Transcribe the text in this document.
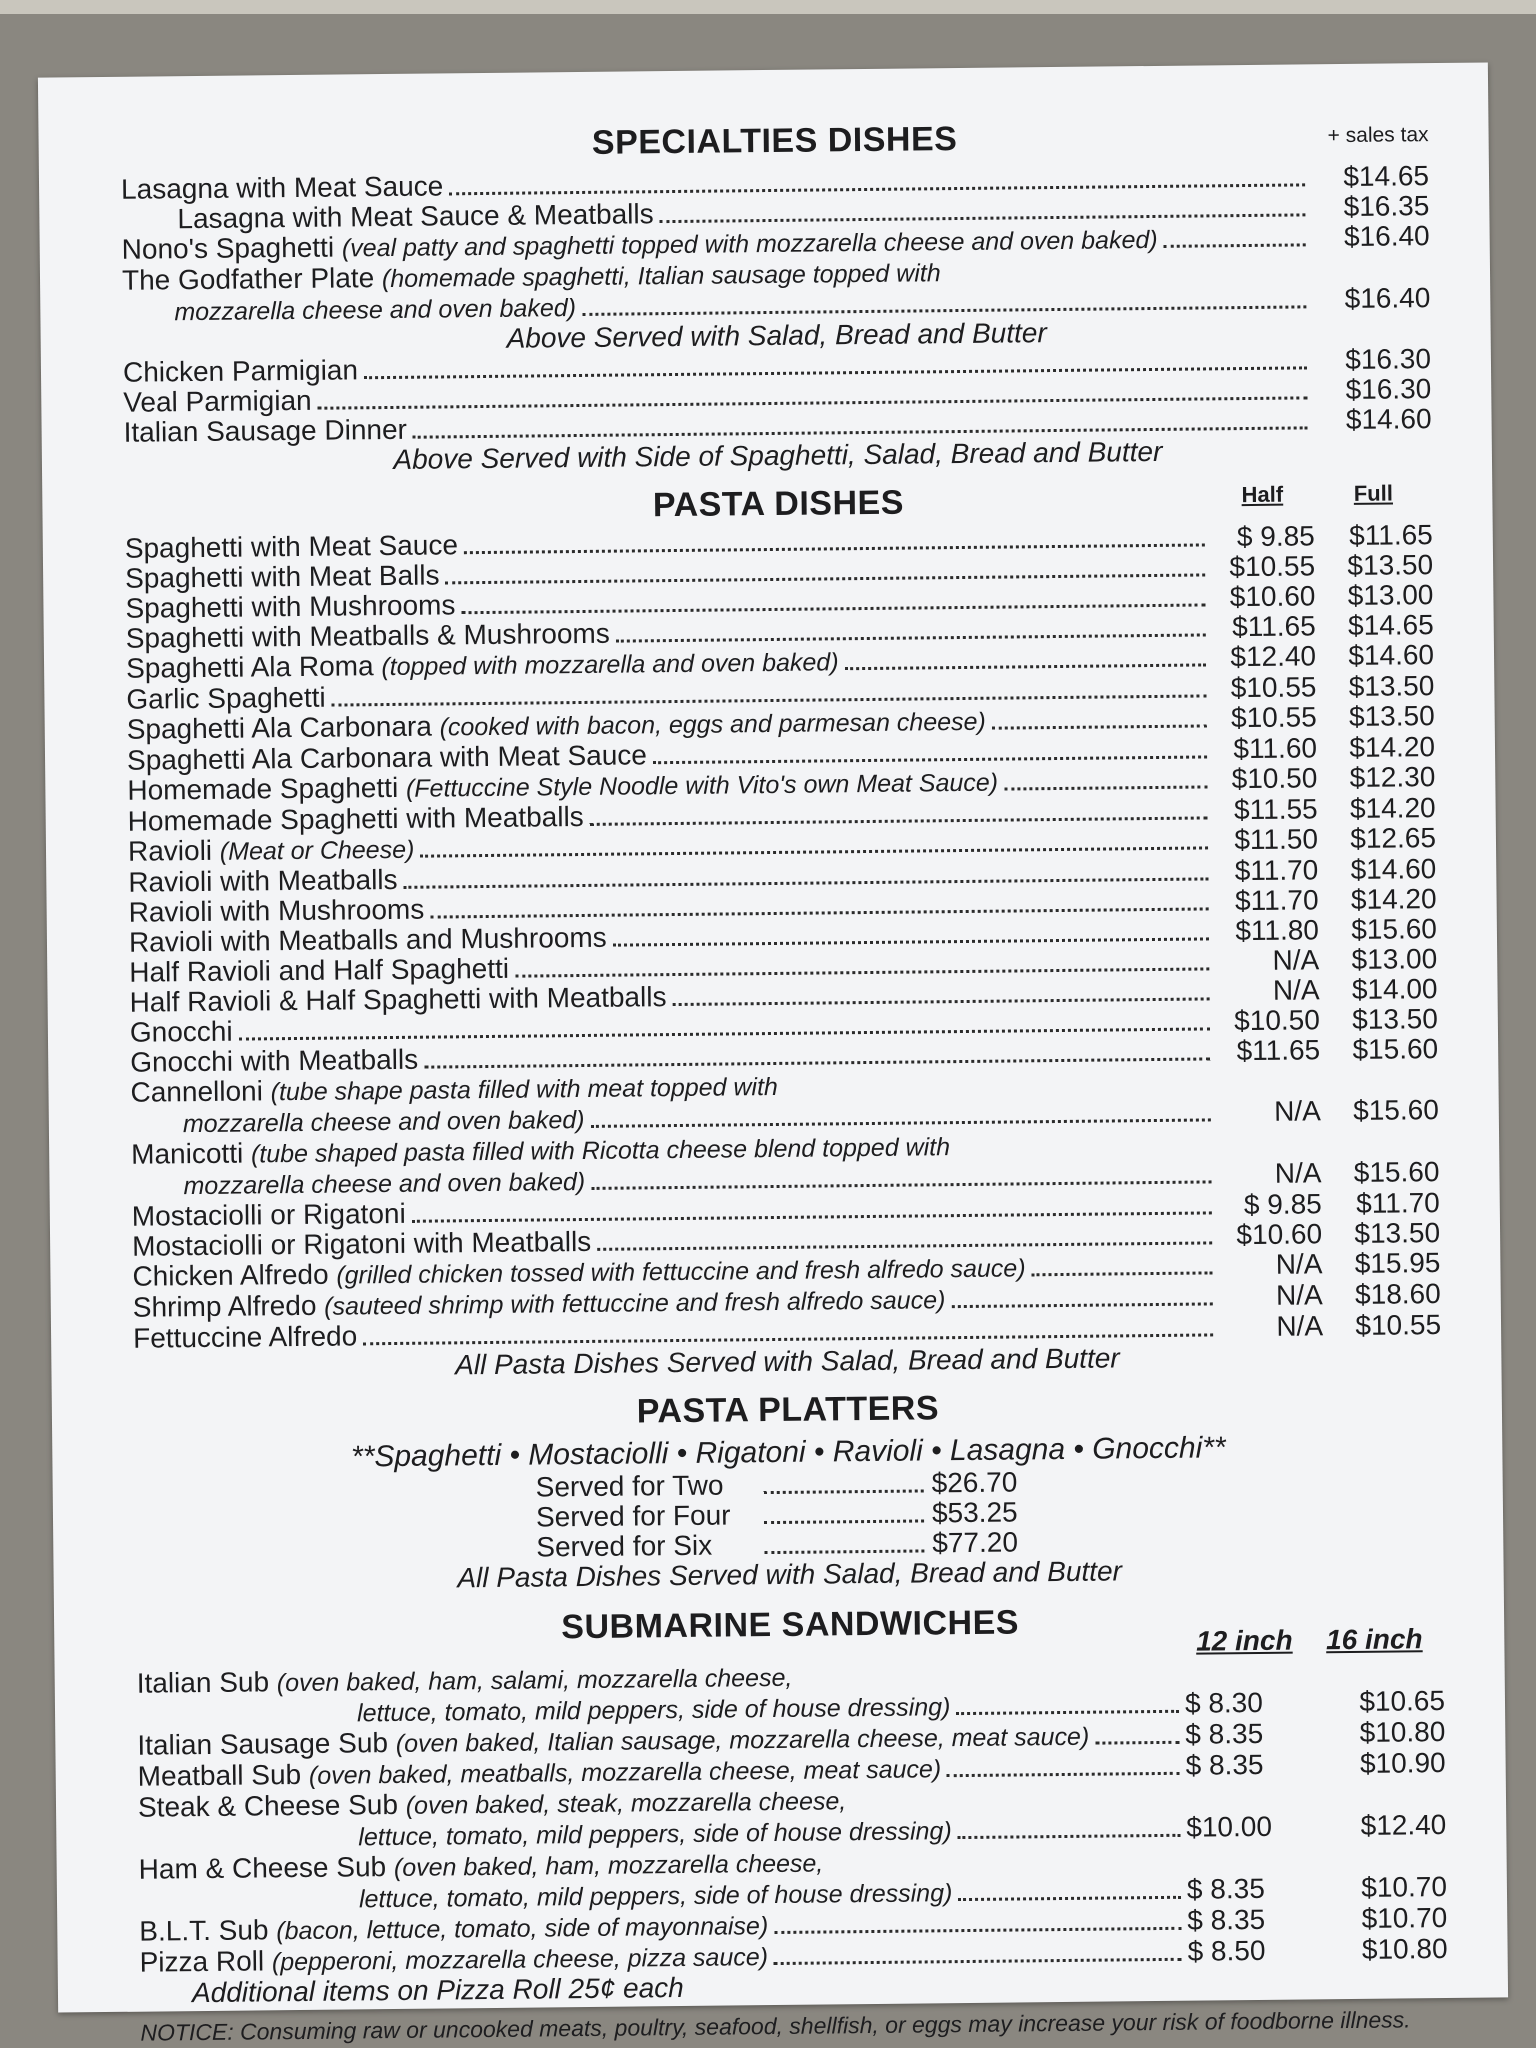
SPECIALTIES DISHES	+ sales tax
Lasagna with Meat Sauce	$14.65
Lasagna with Meat Sauce & Meatballs	$16.35
Nono's Spaghetti
(veal patty and spaghetti topped with mozzarella cheese and oven baked)	$16.40
The Godfather Plate
(homemade spaghetti, Italian sausage topped with
mozzarella cheese and oven baked)	$16.40
Above Served with Salad, Bread and Butter
Chicken Parmigian	$16.30
Veal Parmigian	$16.30
Italian Sausage Dinner	$14.60
Above Served with Side of Spaghetti, Salad, Bread and Butter
PASTA DISHES	Half	Full
Spaghetti with Meat Sauce	$ 9.85	$11.65
Spaghetti with Meat Balls	$10.55	$13.50
Spaghetti with Mushrooms	$10.60	$13.00
Spaghetti with Meatballs & Mushrooms	$11.65	$14.65
Spaghetti Ala Roma
(topped with mozzarella and oven baked)	$12.40	$14.60
Garlic Spaghetti	$10.55	$13.50
Spaghetti Ala Carbonara
(cooked with bacon, eggs and parmesan cheese)	$10.55	$13.50
Spaghetti Ala Carbonara with Meat Sauce	$11.60	$14.20
Homemade Spaghetti
(Fettuccine Style Noodle with Vito's own Meat Sauce)	$10.50	$12.30
Homemade Spaghetti with Meatballs	$11.55	$14.20
Ravioli
(Meat or Cheese)	$11.50	$12.65
Ravioli with Meatballs	$11.70	$14.60
Ravioli with Mushrooms	$11.70	$14.20
Ravioli with Meatballs and Mushrooms	$11.80	$15.60
Half Ravioli and Half Spaghetti	N/A	$13.00
Half Ravioli & Half Spaghetti with Meatballs	N/A	$14.00
Gnocchi	$10.50	$13.50
Gnocchi with Meatballs	$11.65	$15.60
Cannelloni
(tube shape pasta filled with meat topped with
mozzarella cheese and oven baked)	N/A	$15.60
Manicotti
(tube shaped pasta filled with Ricotta cheese blend topped with
mozzarella cheese and oven baked)	N/A	$15.60
Mostaciolli or Rigatoni	$ 9.85	$11.70
Mostaciolli or Rigatoni with Meatballs	$10.60	$13.50
Chicken Alfredo
(grilled chicken tossed with fettuccine and fresh alfredo sauce)	N/A	$15.95
Shrimp Alfredo
(sauteed shrimp with fettuccine and fresh alfredo sauce)	N/A	$18.60
Fettuccine Alfredo	N/A	$10.55
All Pasta Dishes Served with Salad, Bread and Butter
PASTA PLATTERS
**Spaghetti • Mostaciolli • Rigatoni • Ravioli • Lasagna • Gnocchi**
Served for Two	$26.70
Served for Four	$53.25
Served for Six	$77.20
All Pasta Dishes Served with Salad, Bread and Butter
SUBMARINE SANDWICHES	12 inch	16 inch
Italian Sub
(oven baked, ham, salami, mozzarella cheese,
lettuce, tomato, mild peppers, side of house dressing)	$ 8.30	$10.65
Italian Sausage Sub
(oven baked, Italian sausage, mozzarella cheese, meat sauce)	$ 8.35	$10.80
Meatball Sub
(oven baked, meatballs, mozzarella cheese, meat sauce)	$ 8.35	$10.90
Steak & Cheese Sub
(oven baked, steak, mozzarella cheese,
lettuce, tomato, mild peppers, side of house dressing)	$10.00	$12.40
Ham & Cheese Sub
(oven baked, ham, mozzarella cheese,
lettuce, tomato, mild peppers, side of house dressing)	$ 8.35	$10.70
B.L.T. Sub
(bacon, lettuce, tomato, side of mayonnaise)	$ 8.35	$10.70
Pizza Roll
(pepperoni, mozzarella cheese, pizza sauce)	$ 8.50	$10.80
Additional items on Pizza Roll 25¢ each
NOTICE: Consuming raw or uncooked meats, poultry, seafood, shellfish, or eggs may increase your risk of foodborne illness.
